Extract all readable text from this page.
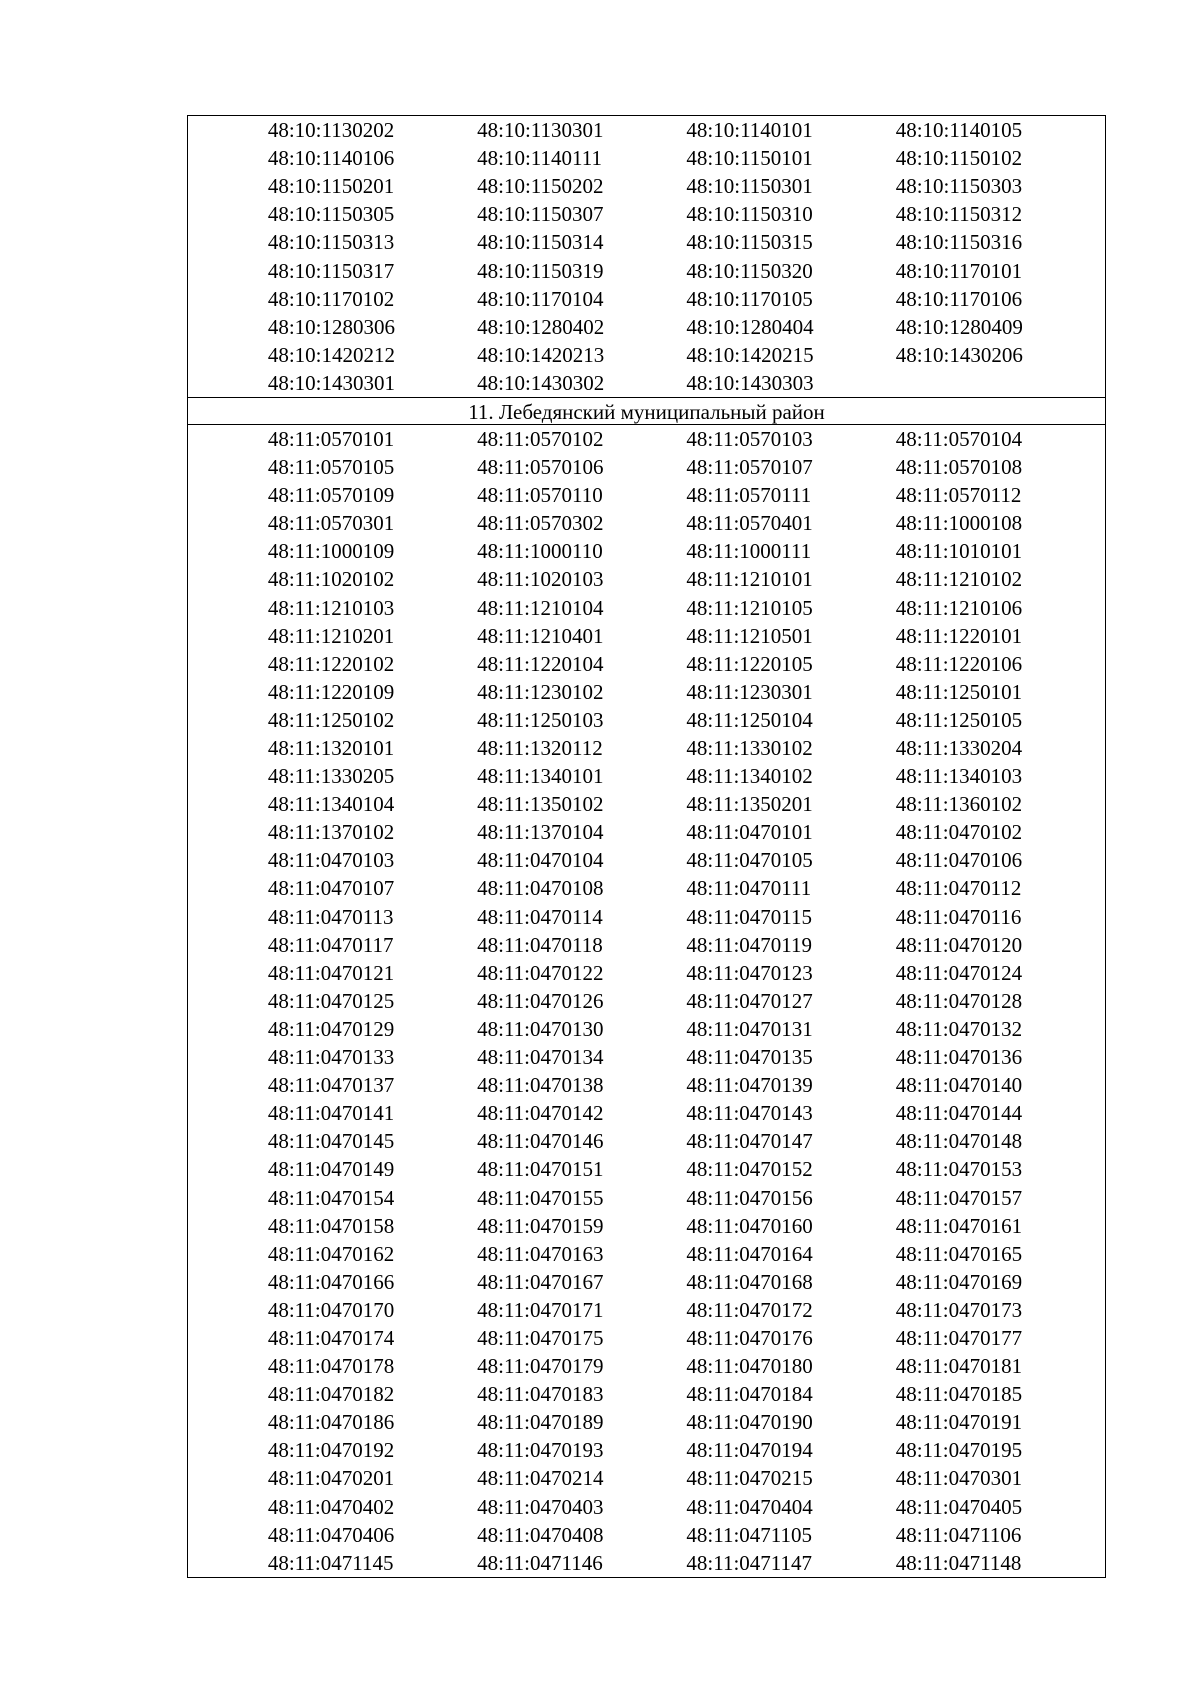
48:10:1130202	48:10:1130301	48:10:1140101	48:10:1140105
48:10:1140106	48:10:1140111	48:10:1150101	48:10:1150102
48:10:1150201	48:10:1150202	48:10:1150301	48:10:1150303
48:10:1150305	48:10:1150307	48:10:1150310	48:10:1150312
48:10:1150313	48:10:1150314	48:10:1150315	48:10:1150316
48:10:1150317	48:10:1150319	48:10:1150320	48:10:1170101
48:10:1170102	48:10:1170104	48:10:1170105	48:10:1170106
48:10:1280306	48:10:1280402	48:10:1280404	48:10:1280409
48:10:1420212	48:10:1420213	48:10:1420215	48:10:1430206
48:10:1430301	48:10:1430302	48:10:1430303
11. Лебедянский муниципальный район
48:11:0570101	48:11:0570102	48:11:0570103	48:11:0570104
48:11:0570105	48:11:0570106	48:11:0570107	48:11:0570108
48:11:0570109	48:11:0570110	48:11:0570111	48:11:0570112
48:11:0570301	48:11:0570302	48:11:0570401	48:11:1000108
48:11:1000109	48:11:1000110	48:11:1000111	48:11:1010101
48:11:1020102	48:11:1020103	48:11:1210101	48:11:1210102
48:11:1210103	48:11:1210104	48:11:1210105	48:11:1210106
48:11:1210201	48:11:1210401	48:11:1210501	48:11:1220101
48:11:1220102	48:11:1220104	48:11:1220105	48:11:1220106
48:11:1220109	48:11:1230102	48:11:1230301	48:11:1250101
48:11:1250102	48:11:1250103	48:11:1250104	48:11:1250105
48:11:1320101	48:11:1320112	48:11:1330102	48:11:1330204
48:11:1330205	48:11:1340101	48:11:1340102	48:11:1340103
48:11:1340104	48:11:1350102	48:11:1350201	48:11:1360102
48:11:1370102	48:11:1370104	48:11:0470101	48:11:0470102
48:11:0470103	48:11:0470104	48:11:0470105	48:11:0470106
48:11:0470107	48:11:0470108	48:11:0470111	48:11:0470112
48:11:0470113	48:11:0470114	48:11:0470115	48:11:0470116
48:11:0470117	48:11:0470118	48:11:0470119	48:11:0470120
48:11:0470121	48:11:0470122	48:11:0470123	48:11:0470124
48:11:0470125	48:11:0470126	48:11:0470127	48:11:0470128
48:11:0470129	48:11:0470130	48:11:0470131	48:11:0470132
48:11:0470133	48:11:0470134	48:11:0470135	48:11:0470136
48:11:0470137	48:11:0470138	48:11:0470139	48:11:0470140
48:11:0470141	48:11:0470142	48:11:0470143	48:11:0470144
48:11:0470145	48:11:0470146	48:11:0470147	48:11:0470148
48:11:0470149	48:11:0470151	48:11:0470152	48:11:0470153
48:11:0470154	48:11:0470155	48:11:0470156	48:11:0470157
48:11:0470158	48:11:0470159	48:11:0470160	48:11:0470161
48:11:0470162	48:11:0470163	48:11:0470164	48:11:0470165
48:11:0470166	48:11:0470167	48:11:0470168	48:11:0470169
48:11:0470170	48:11:0470171	48:11:0470172	48:11:0470173
48:11:0470174	48:11:0470175	48:11:0470176	48:11:0470177
48:11:0470178	48:11:0470179	48:11:0470180	48:11:0470181
48:11:0470182	48:11:0470183	48:11:0470184	48:11:0470185
48:11:0470186	48:11:0470189	48:11:0470190	48:11:0470191
48:11:0470192	48:11:0470193	48:11:0470194	48:11:0470195
48:11:0470201	48:11:0470214	48:11:0470215	48:11:0470301
48:11:0470402	48:11:0470403	48:11:0470404	48:11:0470405
48:11:0470406	48:11:0470408	48:11:0471105	48:11:0471106
48:11:0471145	48:11:0471146	48:11:0471147	48:11:0471148
